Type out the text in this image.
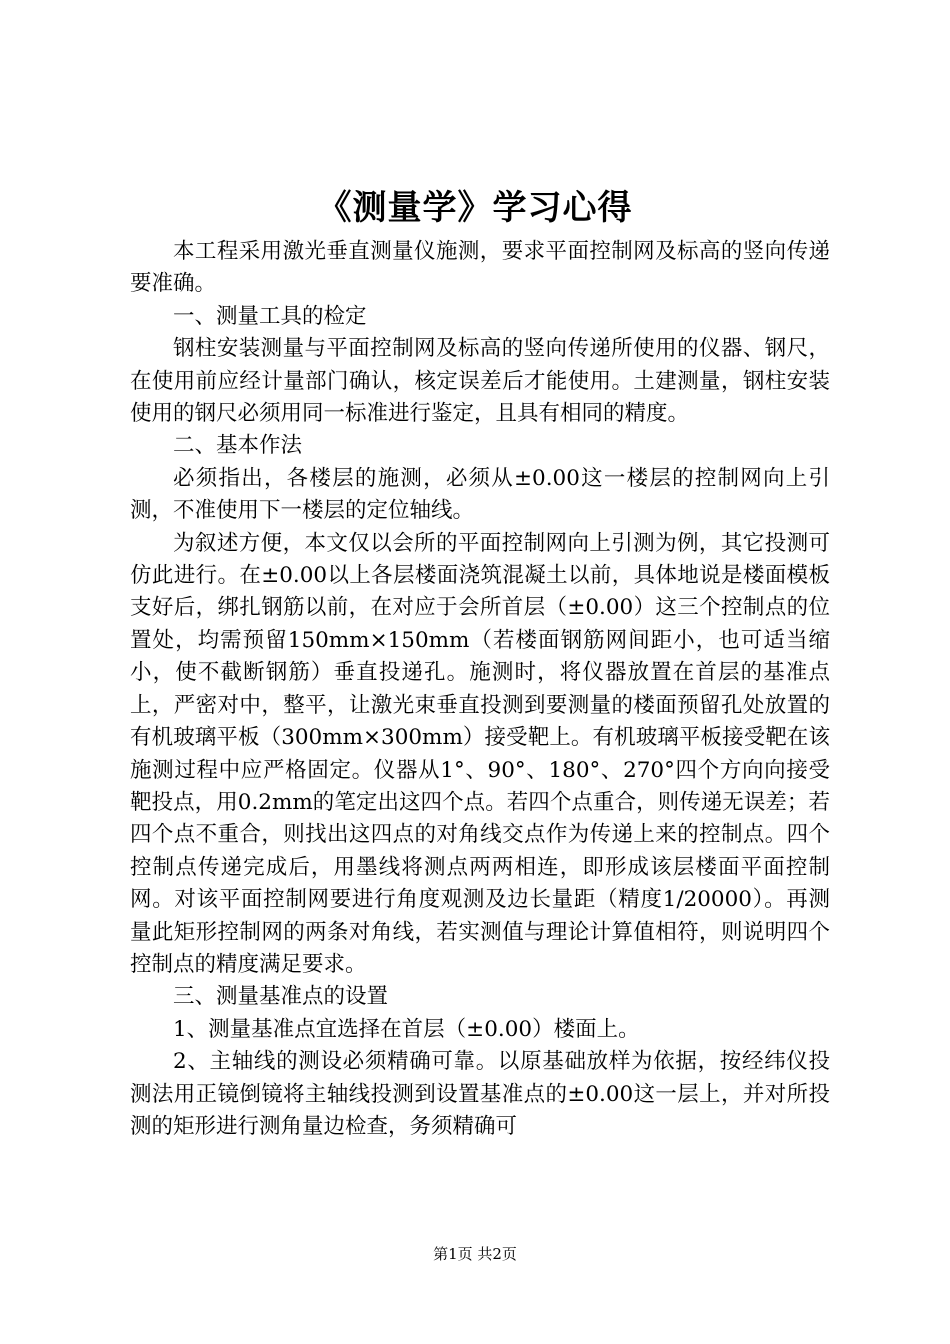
《测量学》学习心得

本工程采用激光垂直测量仪施测，要求平面控制网及标高的竖向传递要准确。

一、测量工具的检定

钢柱安装测量与平面控制网及标高的竖向传递所使用的仪器、钢尺，在使用前应经计量部门确认，核定误差后才能使用。土建测量，钢柱安装使用的钢尺必须用同一标准进行鉴定，且具有相同的精度。

二、基本作法

必须指出，各楼层的施测，必须从±0.00这一楼层的控制网向上引测，不准使用下一楼层的定位轴线。

为叙述方便，本文仅以会所的平面控制网向上引测为例，其它投测可仿此进行。在±0.00以上各层楼面浇筑混凝土以前，具体地说是楼面模板支好后，绑扎钢筋以前，在对应于会所首层（±0.00）这三个控制点的位置处，均需预留150mm×150mm（若楼面钢筋网间距小，也可适当缩小，使不截断钢筋）垂直投递孔。施测时，将仪器放置在首层的基准点上，严密对中，整平，让激光束垂直投测到要测量的楼面预留孔处放置的有机玻璃平板（300mm×300mm）接受靶上。有机玻璃平板接受靶在该施测过程中应严格固定。仪器从1°、90°、180°、270°四个方向向接受靶投点，用0.2mm的笔定出这四个点。若四个点重合，则传递无误差；若四个点不重合，则找出这四点的对角线交点作为传递上来的控制点。四个控制点传递完成后，用墨线将测点两两相连，即形成该层楼面平面控制网。对该平面控制网要进行角度观测及边长量距（精度1/20000）。再测量此矩形控制网的两条对角线，若实测值与理论计算值相符，则说明四个控制点的精度满足要求。

三、测量基准点的设置

1、测量基准点宜选择在首层（±0.00）楼面上。

2、主轴线的测设必须精确可靠。以原基础放样为依据，按经纬仪投测法用正镜倒镜将主轴线投测到设置基准点的±0.00这一层上，并对所投测的矩形进行测角量边检查，务须精确可

第1页 共2页
